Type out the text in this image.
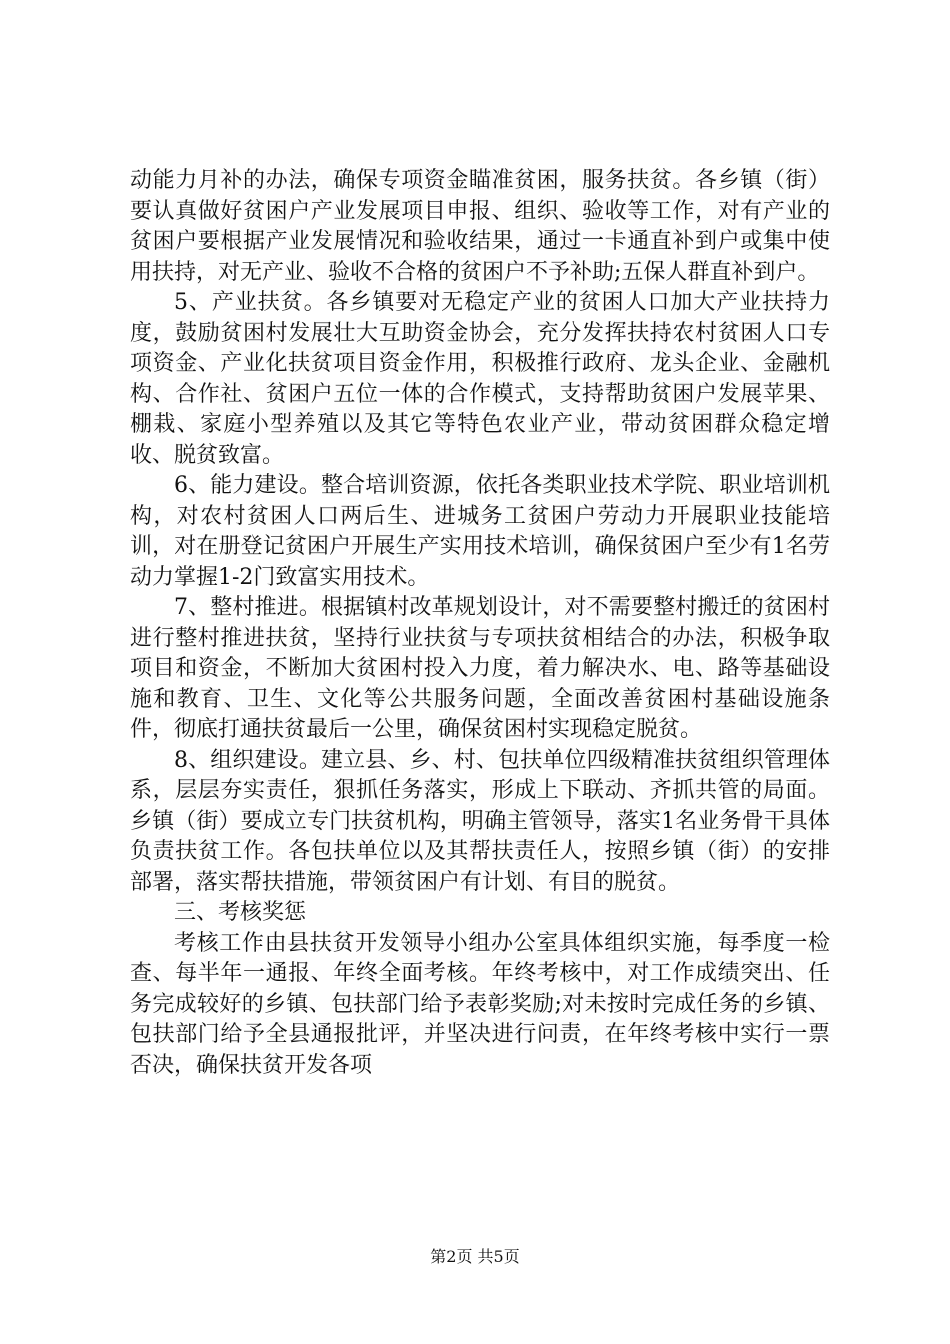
动能力月补的办法，确保专项资金瞄准贫困，服务扶贫。各乡镇（街）要认真做好贫困户产业发展项目申报、组织、验收等工作，对有产业的贫困户要根据产业发展情况和验收结果，通过一卡通直补到户或集中使用扶持，对无产业、验收不合格的贫困户不予补助;五保人群直补到户。

5、产业扶贫。各乡镇要对无稳定产业的贫困人口加大产业扶持力度，鼓励贫困村发展壮大互助资金协会，充分发挥扶持农村贫困人口专项资金、产业化扶贫项目资金作用，积极推行政府、龙头企业、金融机构、合作社、贫困户五位一体的合作模式，支持帮助贫困户发展苹果、棚栽、家庭小型养殖以及其它等特色农业产业，带动贫困群众稳定增收、脱贫致富。

6、能力建设。整合培训资源，依托各类职业技术学院、职业培训机构，对农村贫困人口两后生、进城务工贫困户劳动力开展职业技能培训，对在册登记贫困户开展生产实用技术培训，确保贫困户至少有1名劳动力掌握1-2门致富实用技术。

7、整村推进。根据镇村改革规划设计，对不需要整村搬迁的贫困村进行整村推进扶贫，坚持行业扶贫与专项扶贫相结合的办法，积极争取项目和资金，不断加大贫困村投入力度，着力解决水、电、路等基础设施和教育、卫生、文化等公共服务问题，全面改善贫困村基础设施条件，彻底打通扶贫最后一公里，确保贫困村实现稳定脱贫。

8、组织建设。建立县、乡、村、包扶单位四级精准扶贫组织管理体系，层层夯实责任，狠抓任务落实，形成上下联动、齐抓共管的局面。乡镇（街）要成立专门扶贫机构，明确主管领导，落实1名业务骨干具体负责扶贫工作。各包扶单位以及其帮扶责任人，按照乡镇（街）的安排部署，落实帮扶措施，带领贫困户有计划、有目的脱贫。

三、考核奖惩

考核工作由县扶贫开发领导小组办公室具体组织实施，每季度一检查、每半年一通报、年终全面考核。年终考核中，对工作成绩突出、任务完成较好的乡镇、包扶部门给予表彰奖励;对未按时完成任务的乡镇、包扶部门给予全县通报批评，并坚决进行问责，在年终考核中实行一票否决，确保扶贫开发各项

第2页 共5页
